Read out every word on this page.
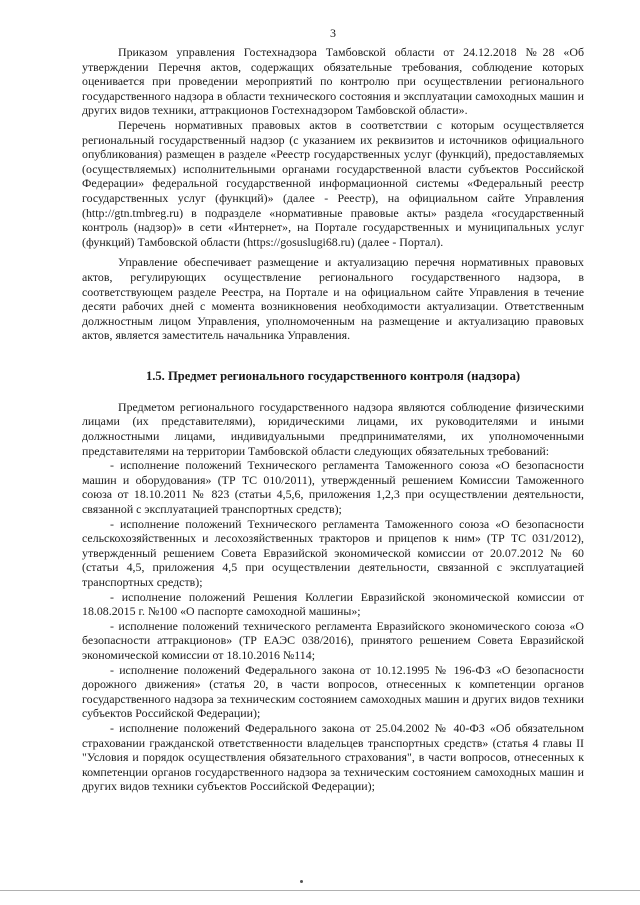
3

Приказом управления Гостехнадзора Тамбовской области от 24.12.2018 №28 «Об утверждении Перечня актов, содержащих обязательные требования, соблюдение которых оценивается при проведении мероприятий по контролю при осуществлении регионального государственного надзора в области технического состояния и эксплуатации самоходных машин и других видов техники, аттракционов Гостехнадзором Тамбовской области».

Перечень нормативных правовых актов в соответствии с которым осуществляется региональный государственный надзор (с указанием их реквизитов и источников официального опубликования) размещен в разделе «Реестр государственных услуг (функций), предоставляемых (осуществляемых) исполнительными органами государственной власти субъектов Российской Федерации» федеральной государственной информационной системы «Федеральный реестр государственных услуг (функций)» (далее - Реестр), на официальном сайте Управления (http://gtn.tmbreg.ru) в подразделе «нормативные правовые акты» раздела «государственный контроль (надзор)» в сети «Интернет», на Портале государственных и муниципальных услуг (функций) Тамбовской области (https://gosuslugi68.ru) (далее - Портал).

Управление обеспечивает размещение и актуализацию перечня нормативных правовых актов, регулирующих осуществление регионального государственного надзора, в соответствующем разделе Реестра, на Портале и на официальном сайте Управления в течение десяти рабочих дней с момента возникновения необходимости актуализации. Ответственным должностным лицом Управления, уполномоченным на размещение и актуализацию правовых актов, является заместитель начальника Управления.

1.5. Предмет регионального государственного контроля (надзора)

Предметом регионального государственного надзора являются соблюдение физическими лицами (их представителями), юридическими лицами, их руководителями и иными должностными лицами, индивидуальными предпринимателями, их уполномоченными представителями на территории Тамбовской области следующих обязательных требований:

- исполнение положений Технического регламента Таможенного союза «О безопасности машин и оборудования» (ТР ТС 010/2011), утвержденный решением Комиссии Таможенного союза от 18.10.2011 № 823 (статьи 4,5,6, приложения 1,2,3 при осуществлении деятельности, связанной с эксплуатацией транспортных средств);

- исполнение положений Технического регламента Таможенного союза «О безопасности сельскохозяйственных и лесохозяйственных тракторов и прицепов к ним» (ТР ТС 031/2012), утвержденный решением Совета Евразийской экономической комиссии от 20.07.2012 № 60 (статьи 4,5, приложения 4,5 при осуществлении деятельности, связанной с эксплуатацией транспортных средств);

- исполнение положений Решения Коллегии Евразийской экономической комиссии от 18.08.2015 г. №100 «О паспорте самоходной машины»;

- исполнение положений технического регламента Евразийского экономического союза «О безопасности аттракционов» (ТР ЕАЭС 038/2016), принятого решением Совета Евразийской экономической комиссии от 18.10.2016 №114;

- исполнение положений Федерального закона от 10.12.1995 № 196-ФЗ «О безопасности дорожного движения» (статья 20, в части вопросов, отнесенных к компетенции органов государственного надзора за техническим состоянием самоходных машин и других видов техники субъектов Российской Федерации);

- исполнение положений Федерального закона от 25.04.2002 № 40-ФЗ «Об обязательном страховании гражданской ответственности владельцев транспортных средств» (статья 4 главы II "Условия и порядок осуществления обязательного страхования", в части вопросов, отнесенных к компетенции органов государственного надзора за техническим состоянием самоходных машин и других видов техники субъектов Российской Федерации);
